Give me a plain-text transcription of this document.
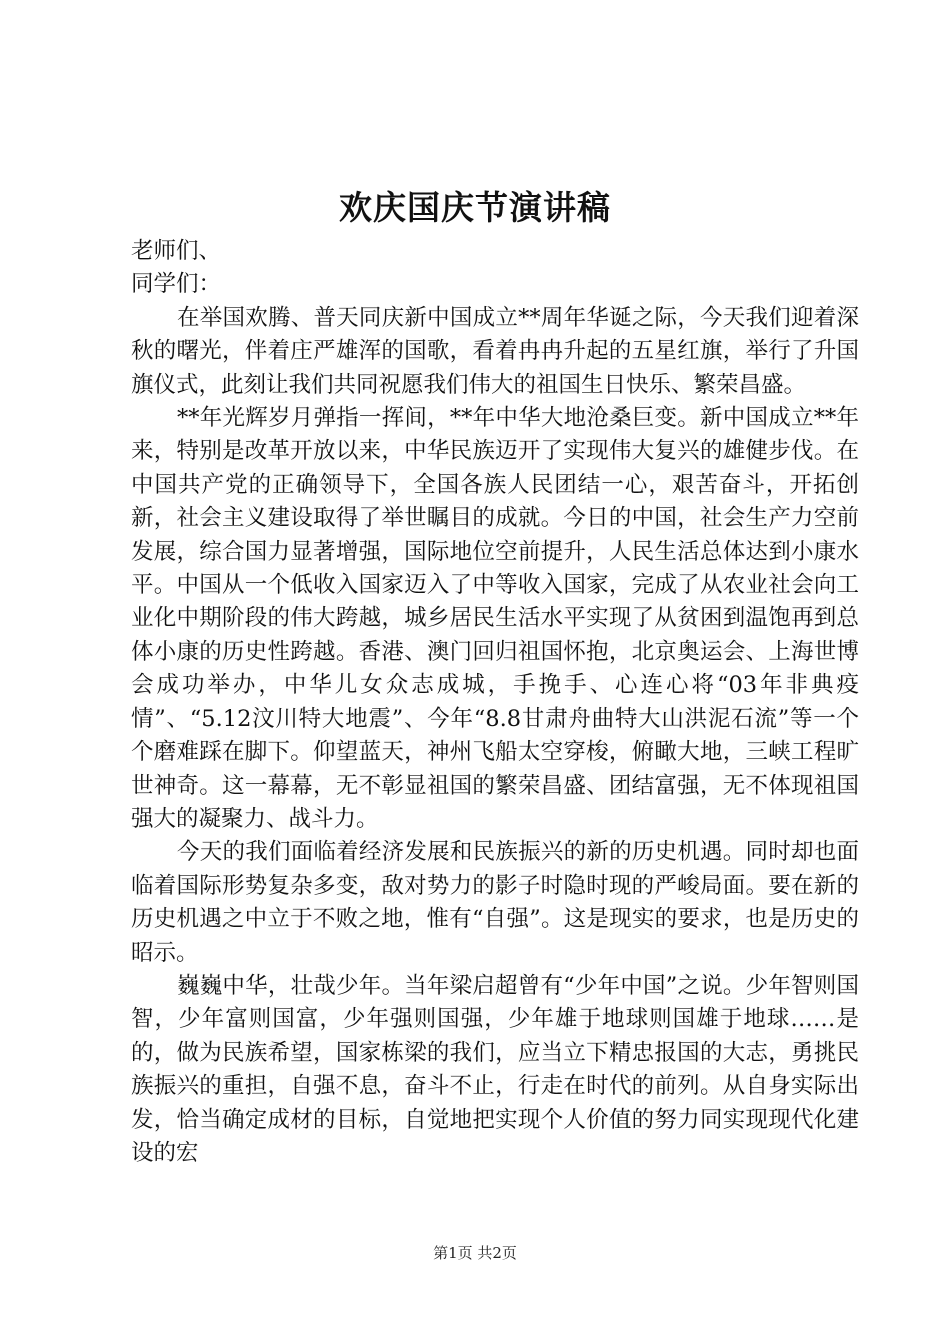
欢庆国庆节演讲稿

老师们、

同学们：

在举国欢腾、普天同庆新中国成立**周年华诞之际，今天我们迎着深秋的曙光，伴着庄严雄浑的国歌，看着冉冉升起的五星红旗，举行了升国旗仪式，此刻让我们共同祝愿我们伟大的祖国生日快乐、繁荣昌盛。

**年光辉岁月弹指一挥间，**年中华大地沧桑巨变。新中国成立**年来，特别是改革开放以来，中华民族迈开了实现伟大复兴的雄健步伐。在中国共产党的正确领导下，全国各族人民团结一心，艰苦奋斗，开拓创新，社会主义建设取得了举世瞩目的成就。今日的中国，社会生产力空前发展，综合国力显著增强，国际地位空前提升，人民生活总体达到小康水平。中国从一个低收入国家迈入了中等收入国家，完成了从农业社会向工业化中期阶段的伟大跨越，城乡居民生活水平实现了从贫困到温饱再到总体小康的历史性跨越。香港、澳门回归祖国怀抱，北京奥运会、上海世博会成功举办，中华儿女众志成城，手挽手、心连心将“03年非典疫情”、“5.12汶川特大地震”、今年“8.8甘肃舟曲特大山洪泥石流”等一个个磨难踩在脚下。仰望蓝天，神州飞船太空穿梭，俯瞰大地，三峡工程旷世神奇。这一幕幕，无不彰显祖国的繁荣昌盛、团结富强，无不体现祖国强大的凝聚力、战斗力。

今天的我们面临着经济发展和民族振兴的新的历史机遇。同时却也面临着国际形势复杂多变，敌对势力的影子时隐时现的严峻局面。要在新的历史机遇之中立于不败之地，惟有“自强”。这是现实的要求，也是历史的昭示。

巍巍中华，壮哉少年。当年梁启超曾有“少年中国”之说。少年智则国智，少年富则国富，少年强则国强，少年雄于地球则国雄于地球……是的，做为民族希望，国家栋梁的我们，应当立下精忠报国的大志，勇挑民族振兴的重担，自强不息，奋斗不止，行走在时代的前列。从自身实际出发，恰当确定成材的目标，自觉地把实现个人价值的努力同实现现代化建设的宏

第1页 共2页
